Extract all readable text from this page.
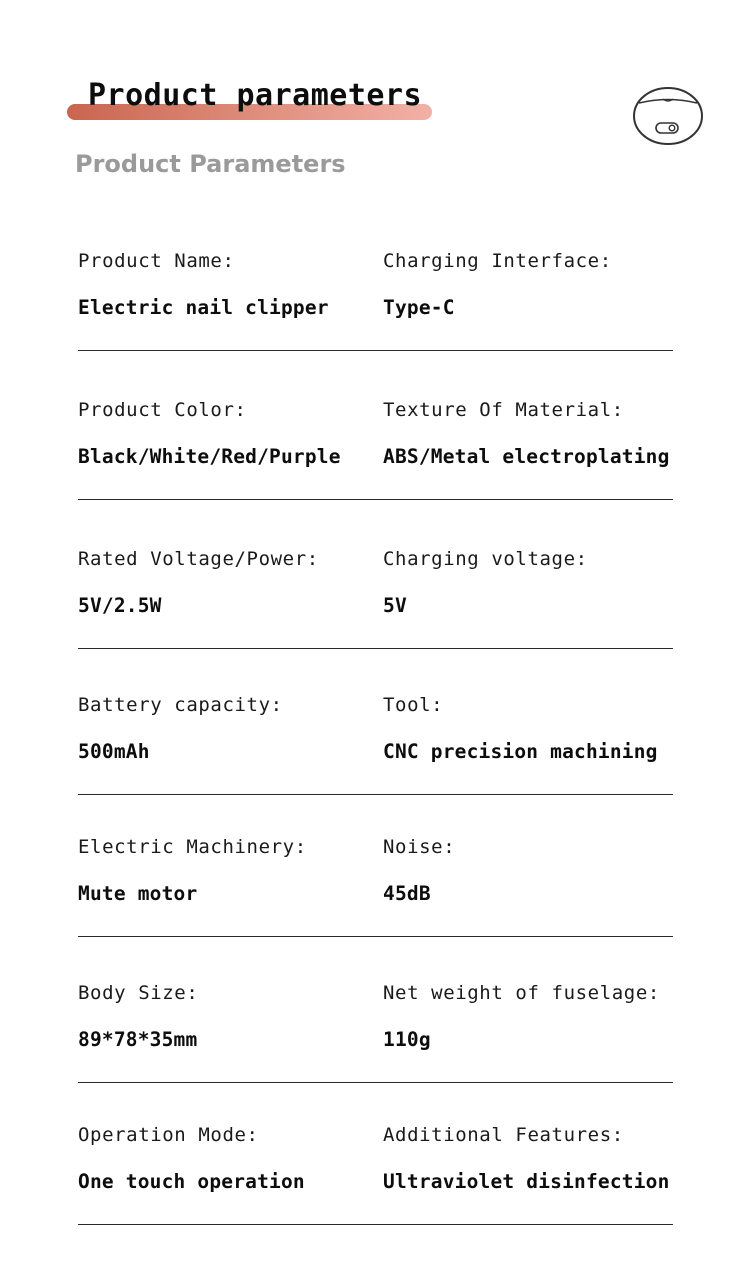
Product parameters
Product Parameters
Product Name:
Electric nail clipper
Charging Interface:
Type-C
Product Color:
Black/White/Red/Purple
Texture Of Material:
ABS/Metal electroplating
Rated Voltage/Power:
5V/2.5W
Charging voltage:
5V
Battery capacity:
500mAh
Tool:
CNC precision machining
Electric Machinery:
Mute motor
Noise:
45dB
Body Size:
89*78*35mm
Net weight of fuselage:
110g
Operation Mode:
One touch operation
Additional Features:
Ultraviolet disinfection
